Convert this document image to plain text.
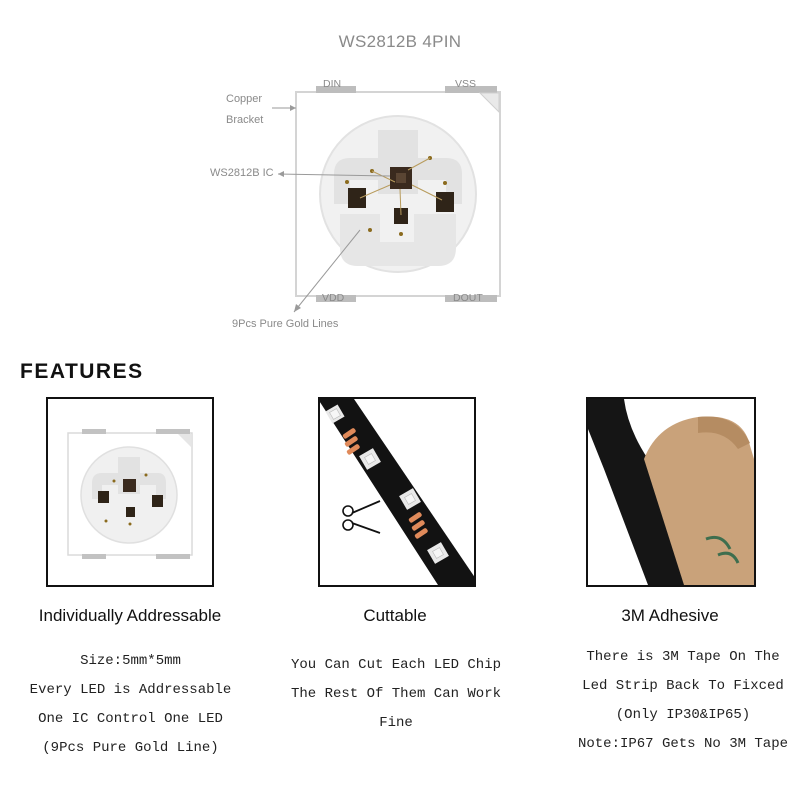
WS2812B 4PIN
DIN	VSS
VDD	DOUT
Copper
Bracket
WS2812B IC
9Pcs Pure Gold Lines
FEATURES
Individually Addressable	Cuttable	3M Adhesive
Size:5mm*5mm
Every LED is Addressable
One IC Control One LED
(9Pcs Pure Gold Line)
You Can Cut Each LED Chip
The Rest Of Them Can Work
Fine
There is 3M Tape On The
Led Strip Back To Fixced
(Only IP30&IP65)
Note:IP67 Gets No 3M Tape
